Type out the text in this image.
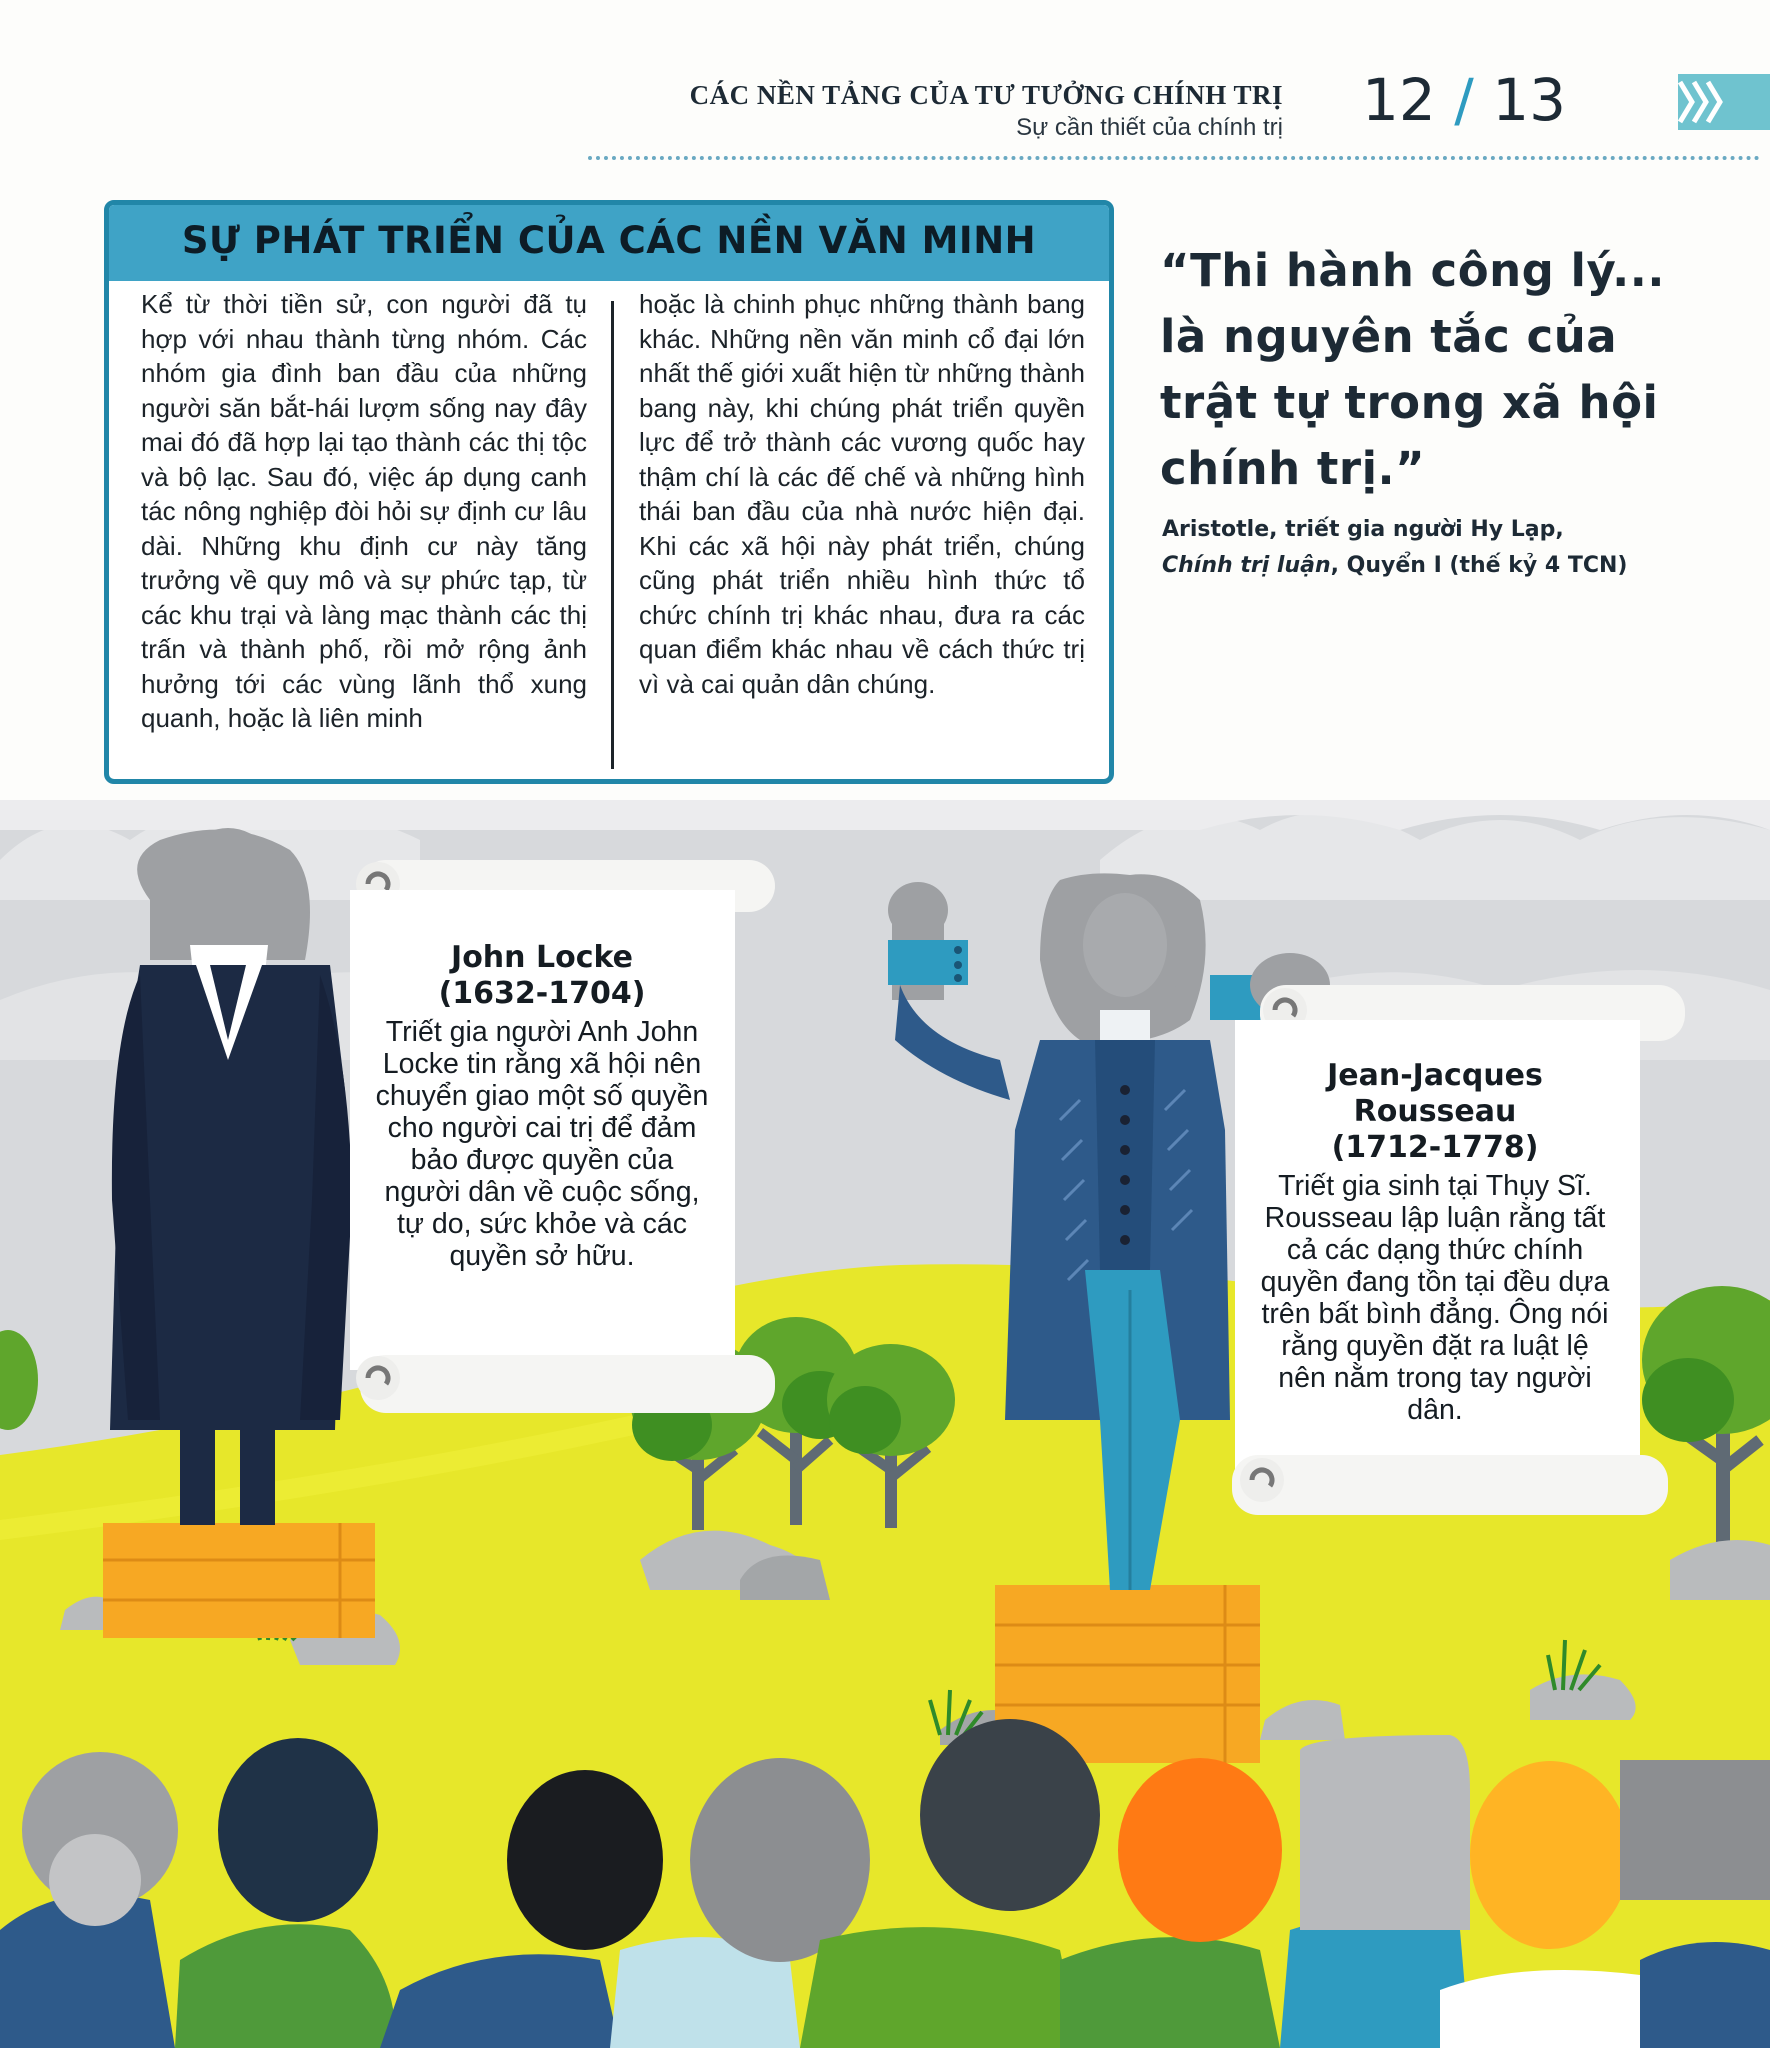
CÁC NỀN TẢNG CỦA TƯ TƯỞNG CHÍNH TRỊ
Sự cần thiết của chính trị 12 / 13
SỰ PHÁT TRIỂN CỦA CÁC NỀN VĂN MINH
Kể từ thời tiền sử, con người đã tụ hợp với nhau thành từng nhóm. Các nhóm gia đình ban đầu của những người săn bắt-hái lượm sống nay đây mai đó đã hợp lại tạo thành các thị tộc và bộ lạc. Sau đó, việc áp dụng canh tác nông nghiệp đòi hỏi sự định cư lâu dài. Những khu định cư này tăng trưởng về quy mô và sự phức tạp, từ các khu trại và làng mạc thành các thị trấn và thành phố, rồi mở rộng ảnh hưởng tới các vùng lãnh thổ xung quanh, hoặc là liên minh
hoặc là chinh phục những thành bang khác. Những nền văn minh cổ đại lớn nhất thế giới xuất hiện từ những thành bang này, khi chúng phát triển quyền lực để trở thành các vương quốc hay thậm chí là các đế chế và những hình thái ban đầu của nhà nước hiện đại. Khi các xã hội này phát triển, chúng cũng phát triển nhiều hình thức tổ chức chính trị khác nhau, đưa ra các quan điểm khác nhau về cách thức trị vì và cai quản dân chúng.
“Thi hành công lý... là nguyên tắc của trật tự trong xã hội chính trị.”
Aristotle, triết gia người Hy Lạp,
Chính trị luận, Quyển I (thế kỷ 4 TCN)
John Locke
(1632-1704)
Triết gia người Anh John Locke tin rằng xã hội nên chuyển giao một số quyền cho người cai trị để đảm bảo được quyền của người dân về cuộc sống, tự do, sức khỏe và các quyền sở hữu.
Jean-Jacques Rousseau
(1712-1778)
Triết gia sinh tại Thụy Sĩ. Rousseau lập luận rằng tất cả các dạng thức chính quyền đang tồn tại đều dựa trên bất bình đẳng. Ông nói rằng quyền đặt ra luật lệ nên nằm trong tay người dân.
